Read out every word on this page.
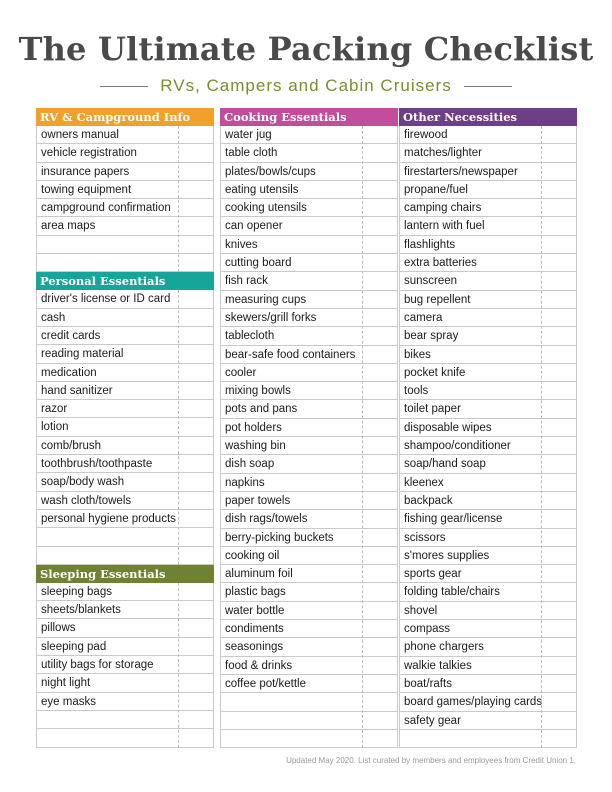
The Ultimate Packing Checklist
RVs, Campers and Cabin Cruisers
RV & Campground Info
owners manual
vehicle registration
insurance papers
towing equipment
campground confirmation
area maps
Personal Essentials
driver's license or ID card
cash
credit cards
reading material
medication
hand sanitizer
razor
lotion
comb/brush
toothbrush/toothpaste
soap/body wash
wash cloth/towels
personal hygiene products
Sleeping Essentials
sleeping bags
sheets/blankets
pillows
sleeping pad
utility bags for storage
night light
eye masks
Cooking Essentials
water jug
table cloth
plates/bowls/cups
eating utensils
cooking utensils
can opener
knives
cutting board
fish rack
measuring cups
skewers/grill forks
tablecloth
bear-safe food containers
cooler
mixing bowls
pots and pans
pot holders
washing bin
dish soap
napkins
paper towels
dish rags/towels
berry-picking buckets
cooking oil
aluminum foil
plastic bags
water bottle
condiments
seasonings
food & drinks
coffee pot/kettle
Other Necessities
firewood
matches/lighter
firestarters/newspaper
propane/fuel
camping chairs
lantern with fuel
flashlights
extra batteries
sunscreen
bug repellent
camera
bear spray
bikes
pocket knife
tools
toilet paper
disposable wipes
shampoo/conditioner
soap/hand soap
kleenex
backpack
fishing gear/license
scissors
s'mores supplies
sports gear
folding table/chairs
shovel
compass
phone chargers
walkie talkies
boat/rafts
board games/playing cards
safety gear
Updated May 2020. List curated by members and employees from Credit Union 1.
